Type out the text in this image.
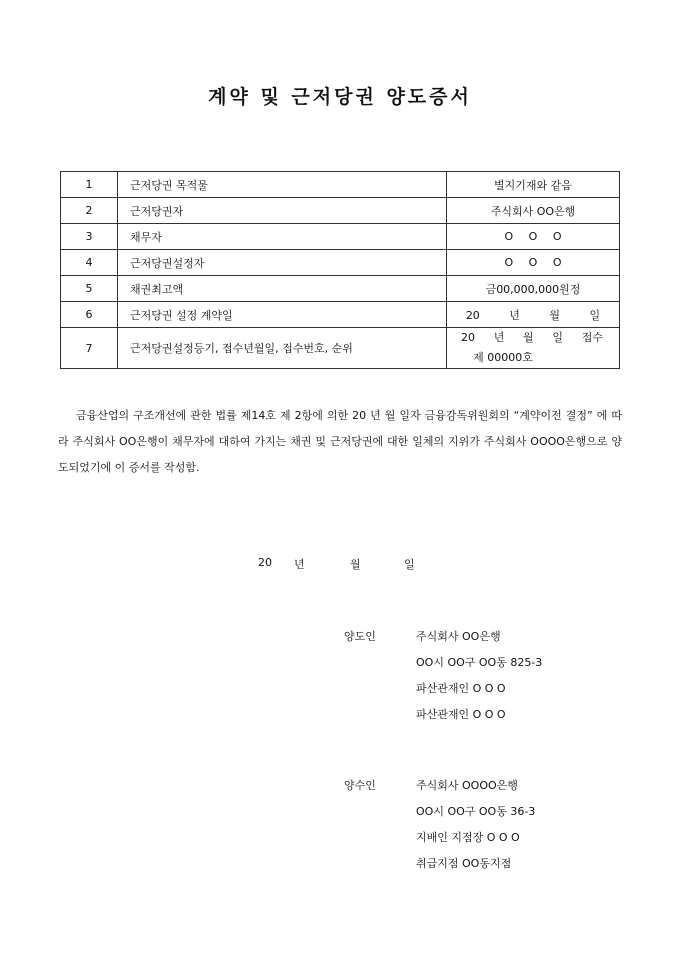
계약 및 근저당권 양도증서
1	근저당권 목적물	별지기재와 같음
2	근저당권자	주식회사 OO은행
3	채무자	O O O
4	근저당권설정자	O O O
5	채권최고액	금00,000,000원정
6	근저당권 설정 계약일	20 년 월 일
7	근저당권설정등기, 접수년월일, 접수번호, 순위	20 년 월 일 접수
제 00000호
금융산업의 구조개선에 관한 법률 제14호 제 2항에 의한 20 년 월 일자 금융감독위원회의 “계약이전 결정” 에 따라 주식회사 OO은행이 채무자에 대하여 가지는 채권 및 근저당권에 대한 일체의 지위가 주식회사 OOOO은행으로 양도되었기에 이 증서를 작성함.
20 년	월	일
양도인	주식회사 OO은행
OO시 OO구 OO동 825-3
파산관재인 O O O
파산관재인 O O O
양수인	주식회사 OOOO은행
OO시 OO구 OO동 36-3
지배인 지점장 O O O
취급지점 OO동지점
